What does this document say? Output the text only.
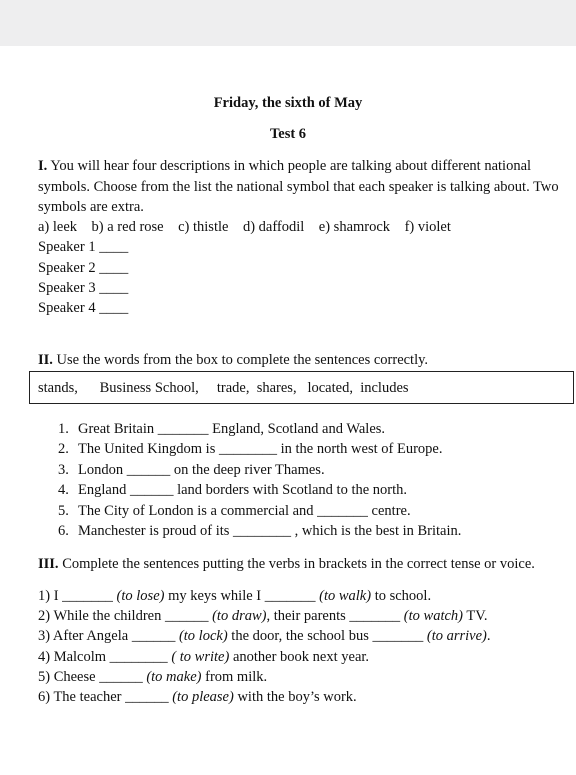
Friday, the sixth of May
Test 6
I. You will hear four descriptions in which people are talking about different national symbols. Choose from the list the national symbol that each speaker is talking about. Two symbols are extra.
a) leek b) a red rose c) thistle d) daffodil e) shamrock f) violet
Speaker 1 ____
Speaker 2 ____
Speaker 3 ____
Speaker 4 ____
II. Use the words from the box to complete the sentences correctly.
stands, Business School, trade, shares, located, includes
1. Great Britain _______ England, Scotland and Wales.
2. The United Kingdom is ________ in the north west of Europe.
3. London ______ on the deep river Thames.
4. England ______ land borders with Scotland to the north.
5. The City of London is a commercial and _______ centre.
6. Manchester is proud of its ________ , which is the best in Britain.
III. Complete the sentences putting the verbs in brackets in the correct tense or voice.
1) I _______ (to lose) my keys while I _______ (to walk) to school.
2) While the children ______ (to draw), their parents _______ (to watch) TV.
3) After Angela ______ (to lock) the door, the school bus _______ (to arrive).
4) Malcolm ________ ( to write) another book next year.
5) Cheese ______ (to make) from milk.
6) The teacher ______ (to please) with the boy’s work.
